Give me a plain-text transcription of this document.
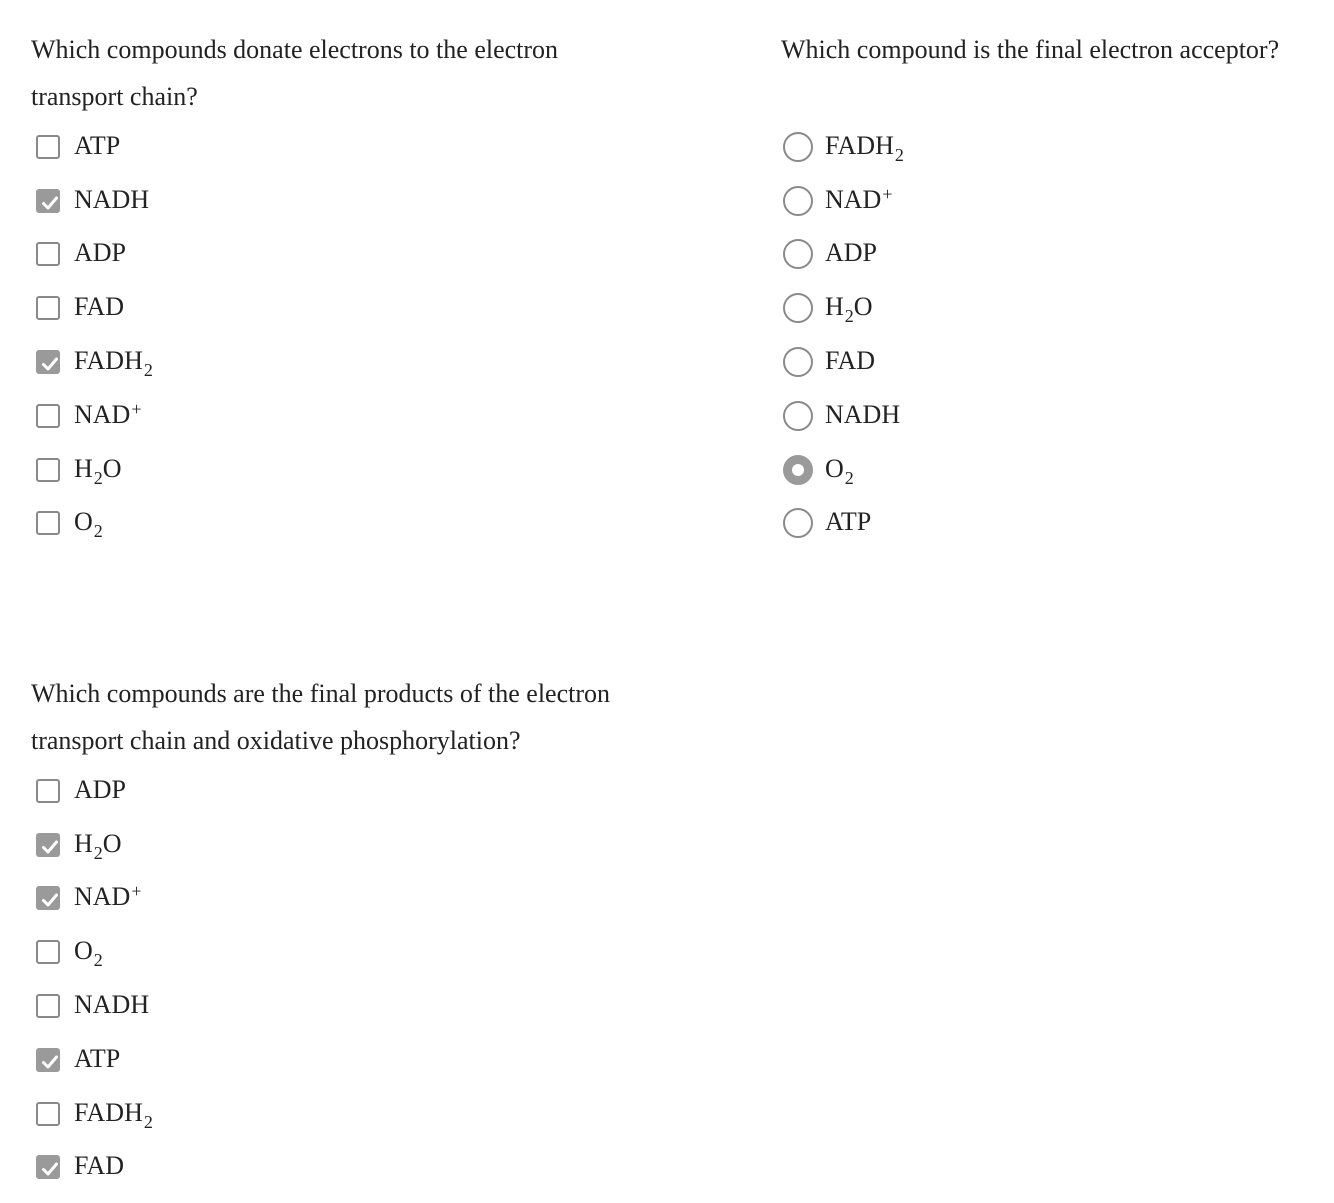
Which compounds donate electrons to the electron transport chain?

ATP
NADH
ADP
FAD
$FADH_2$
NAD+
$H_2O$
$O_2$

Which compound is the final electron acceptor?

$FADH_2$
NAD+
ADP
$H_2O$
FAD
NADH
$O_2$
ATP

Which compounds are the final products of the electron transport chain and oxidative phosphorylation?

ADP
$H_2O$
NAD+
$O_2$
NADH
ATP
$FADH_2$
FAD
